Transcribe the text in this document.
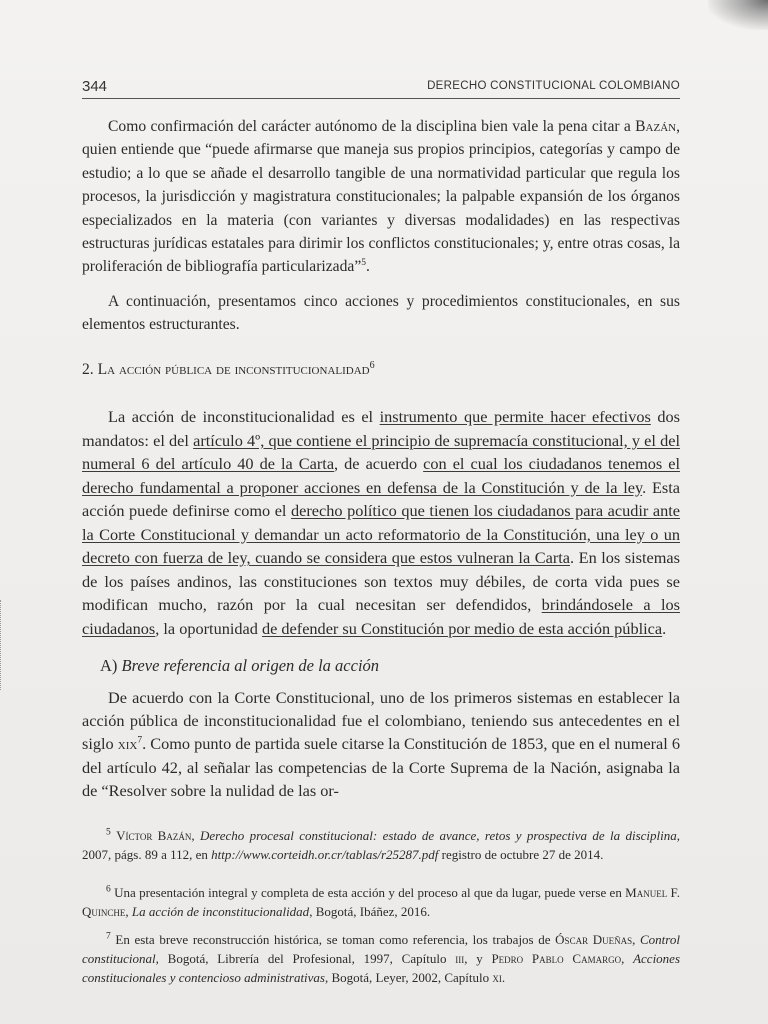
344	DERECHO CONSTITUCIONAL COLOMBIANO

Como confirmación del carácter autónomo de la disciplina bien vale la pena citar a Bazán, quien entiende que “puede afirmarse que maneja sus propios principios, categorías y campo de estudio; a lo que se añade el desarrollo tangible de una normatividad particular que regula los procesos, la jurisdicción y magistratura constitucionales; la palpable expansión de los órganos especializados en la materia (con variantes y diversas modalidades) en las respectivas estructuras jurídicas estatales para dirimir los conflictos constitucionales; y, entre otras cosas, la proliferación de bibliografía particularizada”$^5$.

A continuación, presentamos cinco acciones y procedimientos constitucionales, en sus elementos estructurantes.

2. La acción pública de inconstitucionalidad$^6$

La acción de inconstitucionalidad es el instrumento que permite hacer efectivos dos mandatos: el del artículo 4º, que contiene el principio de supremacía constitucional, y el del numeral 6 del artículo 40 de la Carta, de acuerdo con el cual los ciudadanos tenemos el derecho fundamental a proponer acciones en defensa de la Constitución y de la ley. Esta acción puede definirse como el derecho político que tienen los ciudadanos para acudir ante la Corte Constitucional y demandar un acto reformatorio de la Constitución, una ley o un decreto con fuerza de ley, cuando se considera que estos vulneran la Carta. En los sistemas de los países andinos, las constituciones son textos muy débiles, de corta vida pues se modifican mucho, razón por la cual necesitan ser defendidos, brindándosele a los ciudadanos, la oportunidad de defender su Constitución por medio de esta acción pública.

A) Breve referencia al origen de la acción

De acuerdo con la Corte Constitucional, uno de los primeros sistemas en establecer la acción pública de inconstitucionalidad fue el colombiano, teniendo sus antecedentes en el siglo xix$^7$. Como punto de partida suele citarse la Constitución de 1853, que en el numeral 6 del artículo 42, al señalar las competencias de la Corte Suprema de la Nación, asignaba la de “Resolver sobre la nulidad de las or-

$^5$ Víctor Bazán, Derecho procesal constitucional: estado de avance, retos y prospectiva de la disciplina, 2007, págs. 89 a 112, en http://www.corteidh.or.cr/tablas/r25287.pdf registro de octubre 27 de 2014.

$^6$ Una presentación integral y completa de esta acción y del proceso al que da lugar, puede verse en Manuel F. Quinche, La acción de inconstitucionalidad, Bogotá, Ibáñez, 2016.

$^7$ En esta breve reconstrucción histórica, se toman como referencia, los trabajos de Óscar Dueñas, Control constitucional, Bogotá, Librería del Profesional, 1997, Capítulo iii, y Pedro Pablo Camargo, Acciones constitucionales y contencioso administrativas, Bogotá, Leyer, 2002, Capítulo xi.
